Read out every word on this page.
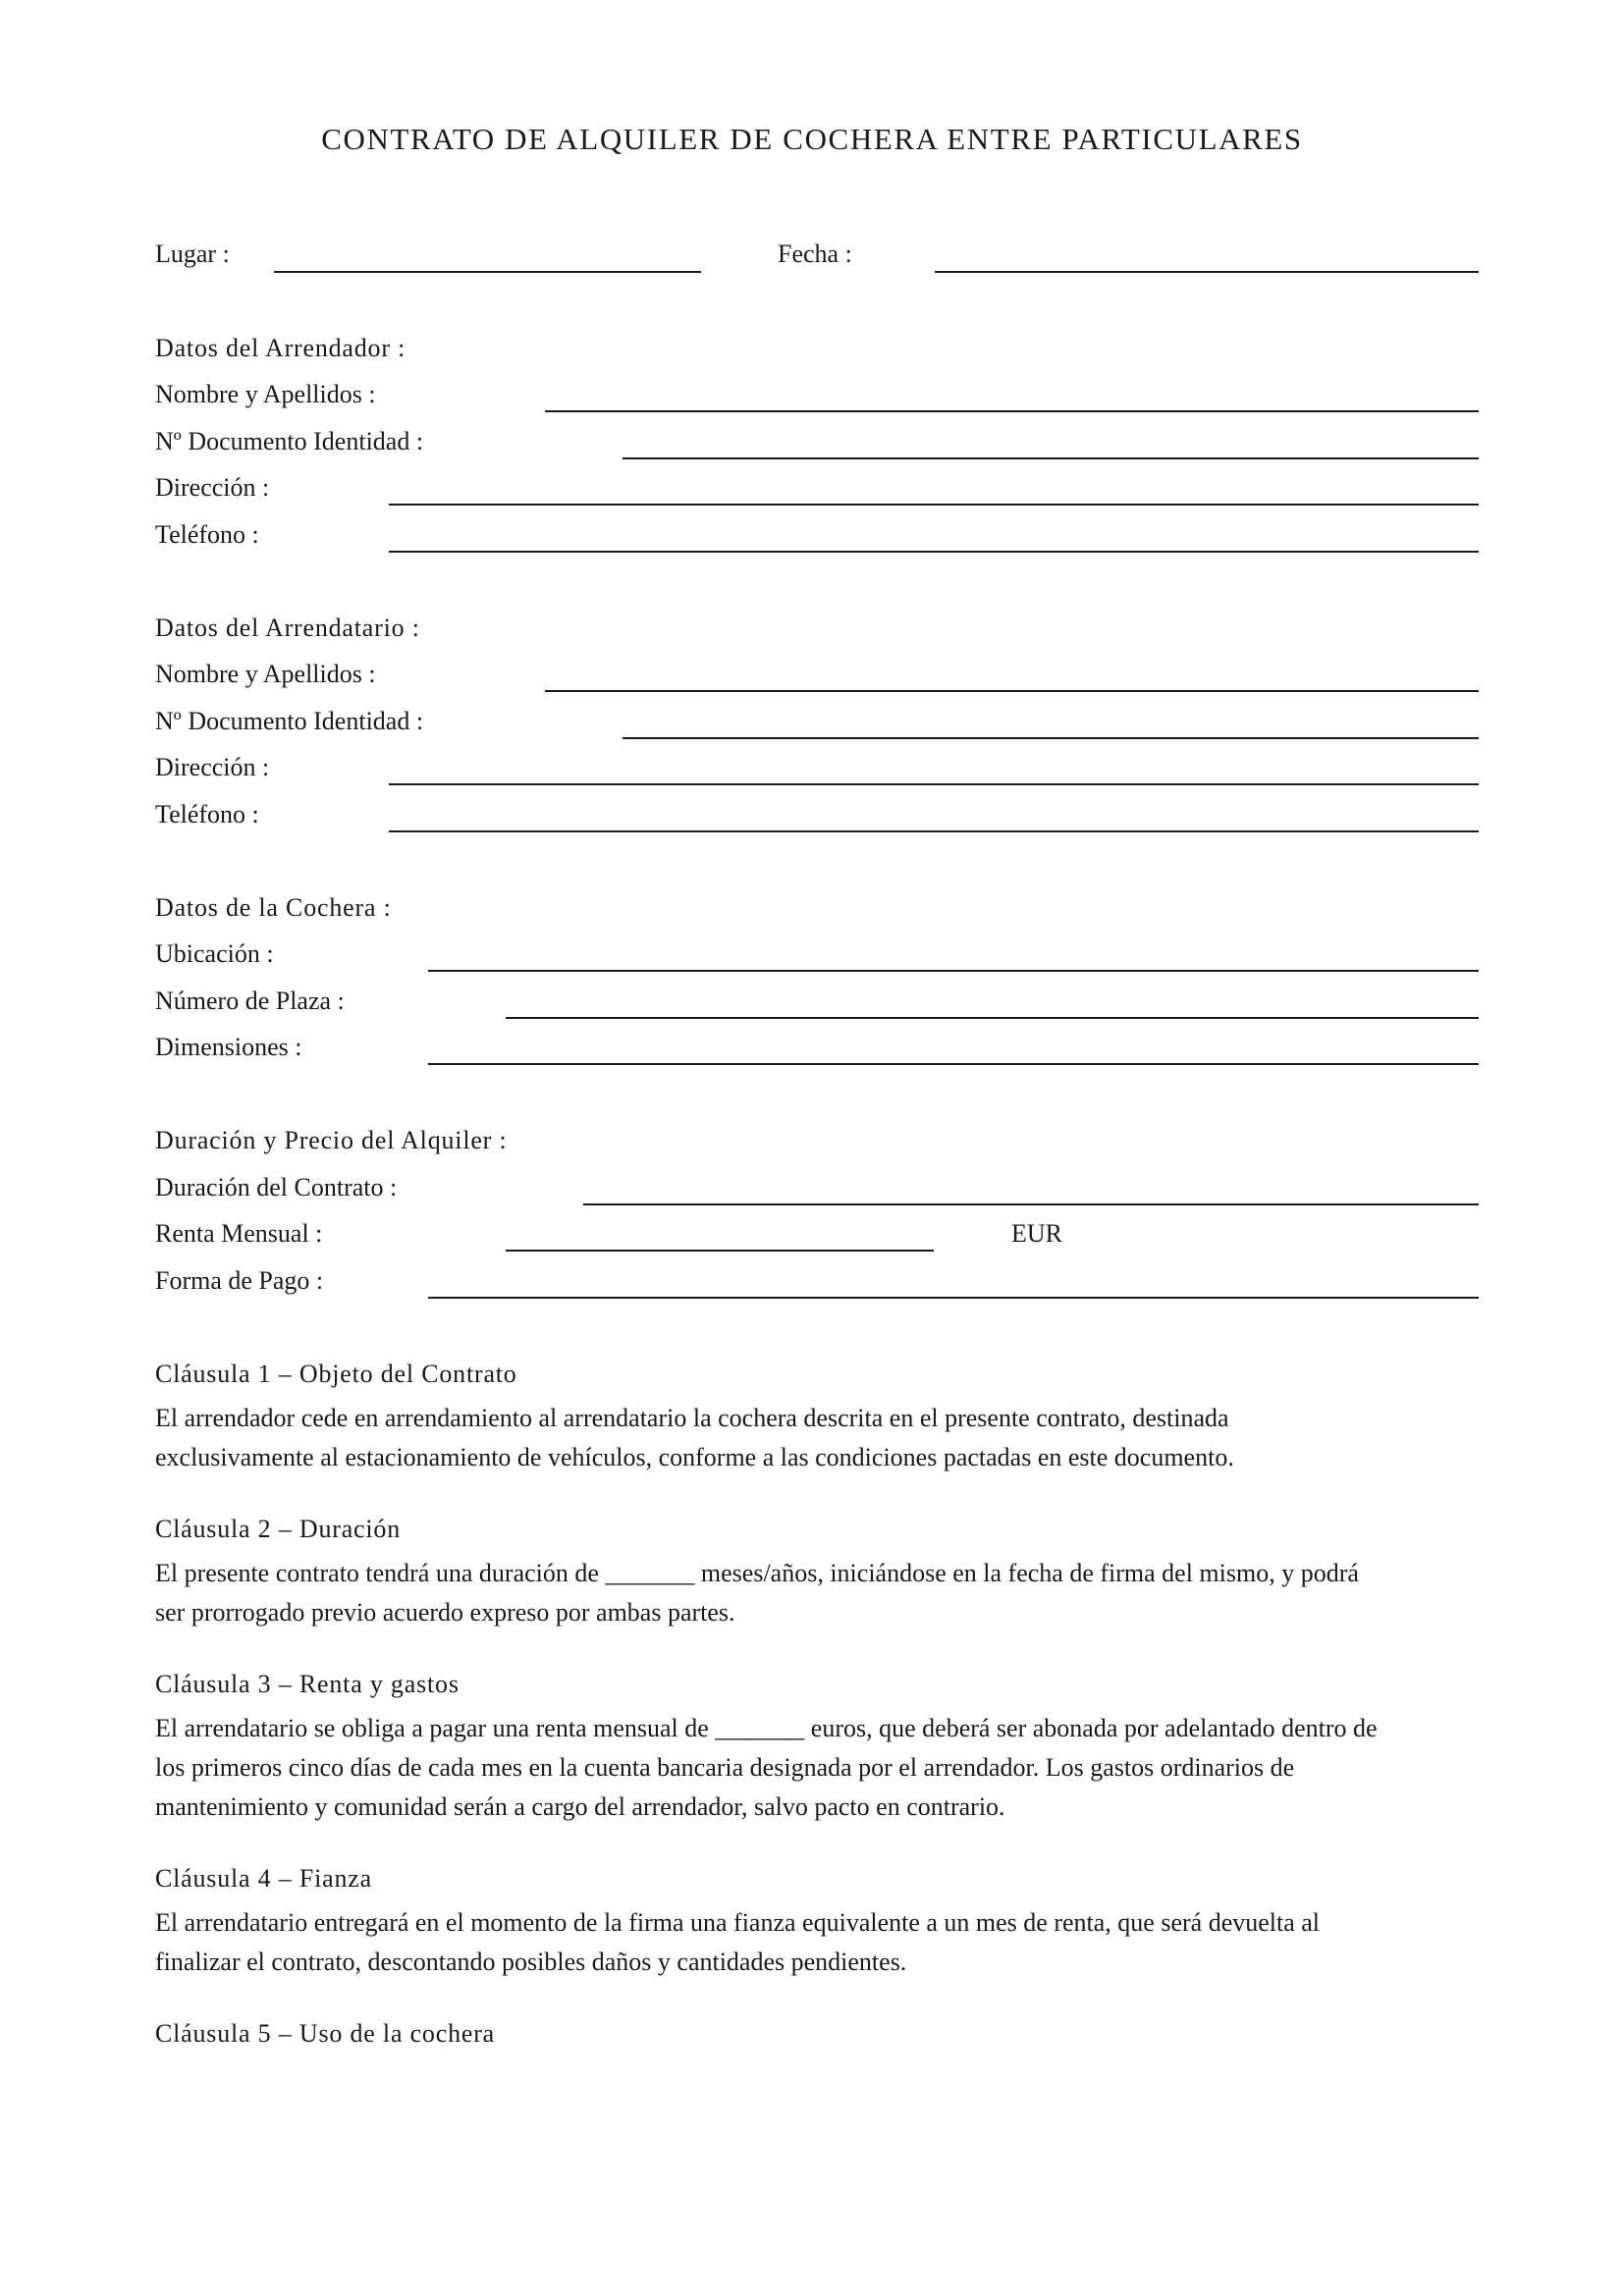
CONTRATO DE ALQUILER DE COCHERA ENTRE PARTICULARES
Lugar :	Fecha :
Datos del Arrendador :
Nombre y Apellidos :
Nº Documento Identidad :
Dirección :
Teléfono :
Datos del Arrendatario :
Nombre y Apellidos :
Nº Documento Identidad :
Dirección :
Teléfono :
Datos de la Cochera :
Ubicación :
Número de Plaza :
Dimensiones :
Duración y Precio del Alquiler :
Duración del Contrato :
Renta Mensual :	EUR
Forma de Pago :
Cláusula 1 – Objeto del Contrato

El arrendador cede en arrendamiento al arrendatario la cochera descrita en el presente contrato, destinada

exclusivamente al estacionamiento de vehículos, conforme a las condiciones pactadas en este documento.

Cláusula 2 – Duración

El presente contrato tendrá una duración de _______ meses/años, iniciándose en la fecha de firma del mismo, y podrá

ser prorrogado previo acuerdo expreso por ambas partes.

Cláusula 3 – Renta y gastos

El arrendatario se obliga a pagar una renta mensual de _______ euros, que deberá ser abonada por adelantado dentro de

los primeros cinco días de cada mes en la cuenta bancaria designada por el arrendador. Los gastos ordinarios de

mantenimiento y comunidad serán a cargo del arrendador, salvo pacto en contrario.

Cláusula 4 – Fianza

El arrendatario entregará en el momento de la firma una fianza equivalente a un mes de renta, que será devuelta al

finalizar el contrato, descontando posibles daños y cantidades pendientes.

Cláusula 5 – Uso de la cochera
